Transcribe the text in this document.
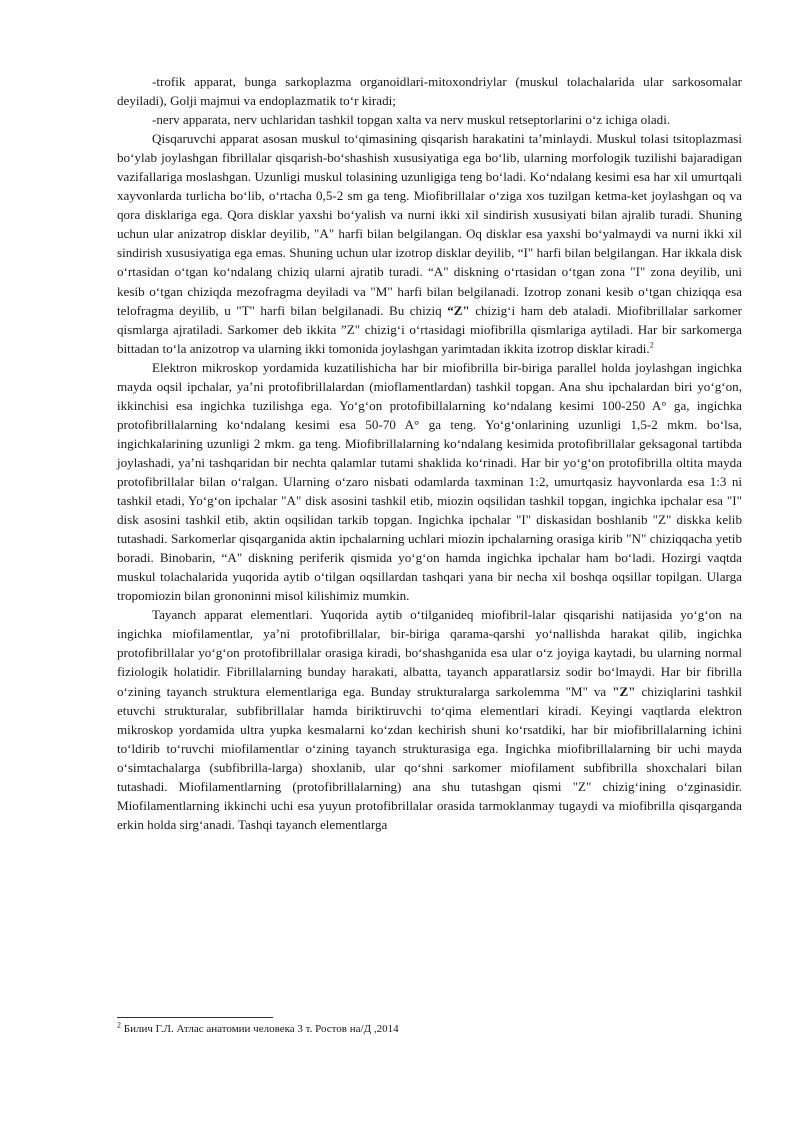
-trofik apparat, bunga sarkoplazma organoidlari-mitoxondriylar (muskul tolachalarida ular sarkosomalar deyiladi), Golji majmui va endoplazmatik to‘r kiradi;

-nerv apparata, nerv uchlaridan tashkil topgan xalta va nerv muskul retseptorlarini o‘z ichiga oladi.

Qisqaruvchi apparat asosan muskul to‘qimasining qisqarish harakatini ta’minlaydi. Muskul tolasi tsitoplazmasi bo‘ylab joylashgan fibrillalar qisqarish-bo‘shashish xususiyatiga ega bo‘lib, ularning morfologik tuzilishi bajaradigan vazifallariga moslashgan. Uzunligi muskul tolasining uzunligiga teng bo‘ladi. Ko‘ndalang kesimi esa har xil umurtqali xayvonlarda turlicha bo‘lib, o‘rtacha 0,5-2 sm ga teng. Miofibrillalar o‘ziga xos tuzilgan ketma-ket joylashgan oq va qora disklariga ega. Qora disklar yaxshi bo‘yalish va nurni ikki xil sindirish xususiyati bilan ajralib turadi. Shuning uchun ular anizatrop disklar deyilib, "A" harfi bilan belgilangan. Oq disklar esa yaxshi bo‘yalmaydi va nurni ikki xil sindirish xususiyatiga ega emas. Shuning uchun ular izotrop disklar deyilib, “I" harfi bilan belgilangan. Har ikkala disk o‘rtasidan o‘tgan ko‘ndalang chiziq ularni ajratib turadi. “A" diskning o‘rtasidan o‘tgan zona "I" zona deyilib, uni kesib o‘tgan chiziqda mezofragma deyiladi va "M" harfi bilan belgilanadi. Izotrop zonani kesib o‘tgan chiziqqa esa telofragma deyilib, u "T" harfi bilan belgilanadi. Bu chiziq “Z" chizig‘i ham deb ataladi. Miofibrillalar sarkomer qismlarga ajratiladi. Sarkomer deb ikkita ”Z" chizig‘i o‘rtasidagi miofibrilla qismlariga aytiladi. Har bir sarkomerga bittadan to‘la anizotrop va ularning ikki tomonida joylashgan yarimtadan ikkita izotrop disklar kiradi.$^2$

Elektron mikroskop yordamida kuzatilishicha har bir miofibrilla bir-biriga parallel holda joylashgan ingichka mayda oqsil ipchalar, ya’ni protofibrillalardan (mioflamentlardan) tashkil topgan. Ana shu ipchalardan biri yo‘g‘on, ikkinchisi esa ingichka tuzilishga ega. Yo‘g‘on protofibillalarning ko‘ndalang kesimi 100-250 A° ga, ingichka protofibrillalarning ko‘ndalang kesimi esa 50-70 A° ga teng. Yo‘g‘onlarining uzunligi 1,5-2 mkm. bo‘lsa, ingichkalarining uzunligi 2 mkm. ga teng. Miofibrillalarning ko‘ndalang kesimida protofibrillalar geksagonal tartibda joylashadi, ya’ni tashqaridan bir nechta qalamlar tutami shaklida ko‘rinadi. Har bir yo‘g‘on protofibrilla oltita mayda protofibrillalar bilan o‘ralgan. Ularning o‘zaro nisbati odamlarda taxminan 1:2, umurtqasiz hayvonlarda esa 1:3 ni tashkil etadi, Yo‘g‘on ipchalar "A" disk asosini tashkil etib, miozin oqsilidan tashkil topgan, ingichka ipchalar esa "I" disk asosini tashkil etib, aktin oqsilidan tarkib topgan. Ingichka ipchalar "I" diskasidan boshlanib "Z" diskka kelib tutashadi. Sarkomerlar qisqarganida aktin ipchalarning uchlari miozin ipchalarning orasiga kirib "N" chiziqqacha yetib boradi. Binobarin, “A" diskning periferik qismida yo‘g‘on hamda ingichka ipchalar ham bo‘ladi. Hozirgi vaqtda muskul tolachalarida yuqorida aytib o‘tilgan oqsillardan tashqari yana bir necha xil boshqa oqsillar topilgan. Ularga tropomiozin bilan grononinni misol kilishimiz mumkin.

Tayanch apparat elementlari. Yuqorida aytib o‘tilganideq miofibril-lalar qisqarishi natijasida yo‘g‘on na ingichka miofilamentlar, ya’ni protofibrillalar, bir-biriga qarama-qarshi yo‘nallishda harakat qilib, ingichka protofibrillalar yo‘g‘on protofibrillalar orasiga kiradi, bo‘shashganida esa ular o‘z joyiga kaytadi, bu ularning normal fiziologik holatidir. Fibrillalarning bunday harakati, albatta, tayanch apparatlarsiz sodir bo‘lmaydi. Har bir fibrilla o‘zining tayanch struktura elementlariga ega. Bunday strukturalarga sarkolemma "M" va "Z" chiziqlarini tashkil etuvchi strukturalar, subfibrillalar hamda biriktiruvchi to‘qima elementlari kiradi. Keyingi vaqtlarda elektron mikroskop yordamida ultra yupka kesmalarni ko‘zdan kechirish shuni ko‘rsatdiki, har bir miofibrillalarning ichini to‘ldirib to‘ruvchi miofilamentlar o‘zining tayanch strukturasiga ega. Ingichka miofibrillalarning bir uchi mayda o‘simtachalarga (subfibrilla-larga) shoxlanib, ular qo‘shni sarkomer miofilament subfibrilla shoxchalari bilan tutashadi. Miofilamentlarning (protofibrillalarning) ana shu tutashgan qismi "Z" chizig‘ining o‘zginasidir. Miofilamentlarning ikkinchi uchi esa yuyun protofibrillalar orasida tarmoklanmay tugaydi va miofibrilla qisqarganda erkin holda sirg‘anadi. Tashqi tayanch elementlarga

$^2$ Билич Г.Л. Атлас анатомии человека 3 т. Ростов на/Д ,2014
